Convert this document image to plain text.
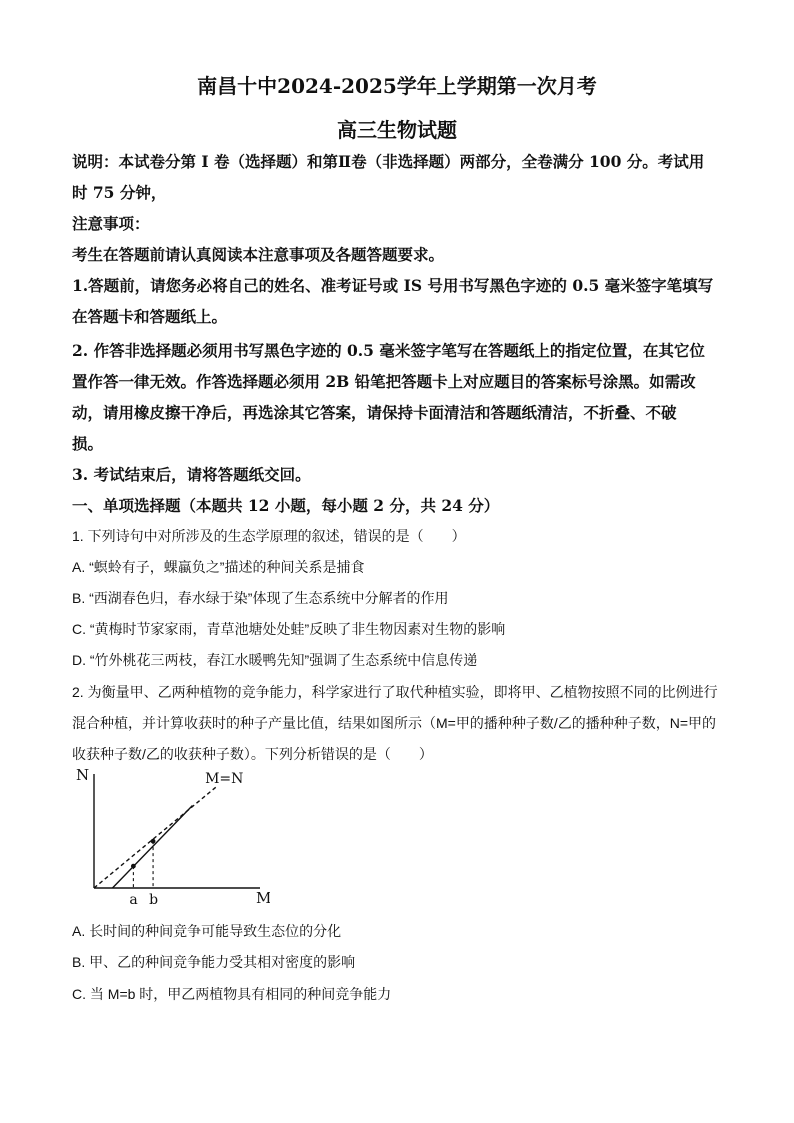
南昌十中2024-2025学年上学期第一次月考
高三生物试题
说明：本试卷分第 I 卷（选择题）和第Ⅱ卷（非选择题）两部分，全卷满分 100 分。考试用
时 75 分钟，
注意事项：
考生在答题前请认真阅读本注意事项及各题答题要求。
1.答题前，请您务必将自己的姓名、准考证号或 IS 号用书写黑色字迹的 0.5 毫米签字笔填写
在答题卡和答题纸上。
2. 作答非选择题必须用书写黑色字迹的 0.5 毫米签字笔写在答题纸上的指定位置，在其它位
置作答一律无效。作答选择题必须用 2B 铅笔把答题卡上对应题目的答案标号涂黑。如需改
动，请用橡皮擦干净后，再选涂其它答案，请保持卡面清洁和答题纸清洁，不折叠、不破
损。
3. 考试结束后，请将答题纸交回。
一、单项选择题（本题共 12 小题，每小题 2 分，共 24 分）
1. 下列诗句中对所涉及的生态学原理的叙述，错误的是（　　）
A. “螟蛉有子，蜾蠃负之”描述的种间关系是捕食
B. “西湖春色归，春水绿于染”体现了生态系统中分解者的作用
C. “黄梅时节家家雨，青草池塘处处蛙”反映了非生物因素对生物的影响
D. “竹外桃花三两枝，春江水暖鸭先知”强调了生态系统中信息传递
2. 为衡量甲、乙两种植物的竞争能力，科学家进行了取代种植实验，即将甲、乙植物按照不同的比例进行
混合种植，并计算收获时的种子产量比值，结果如图所示（M=甲的播种种子数/乙的播种种子数，N=甲的
收获种子数/乙的收获种子数）。下列分析错误的是（　　）
N
M
M=N
a b
A. 长时间的种间竞争可能导致生态位的分化
B. 甲、乙的种间竞争能力受其相对密度的影响
C. 当 M=b 时，甲乙两植物具有相同的种间竞争能力
